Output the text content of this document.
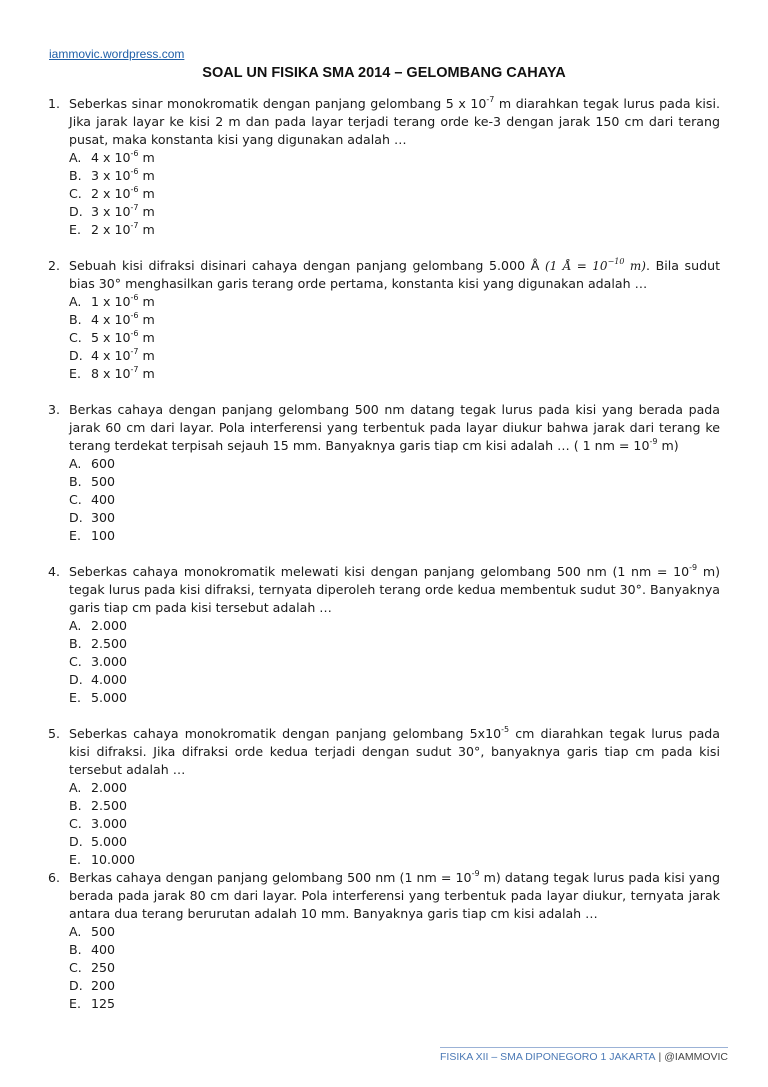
iammovic.wordpress.com
SOAL UN FISIKA SMA 2014 – GELOMBANG CAHAYA
1. Seberkas sinar monokromatik dengan panjang gelombang 5 x $10^{-7}$ m diarahkan tegak lurus pada kisi. Jika jarak layar ke kisi 2 m dan pada layar terjadi terang orde ke-3 dengan jarak 150 cm dari terang pusat, maka konstanta kisi yang digunakan adalah …
A. 4 x $10^{-6}$ m
B. 3 x $10^{-6}$ m
C. 2 x $10^{-6}$ m
D. 3 x $10^{-7}$ m
E. 2 x $10^{-7}$ m
2. Sebuah kisi difraksi disinari cahaya dengan panjang gelombang 5.000 Å (1 Å = $10^{-10}$ m). Bila sudut bias 30° menghasilkan garis terang orde pertama, konstanta kisi yang digunakan adalah …
A. 1 x $10^{-6}$ m
B. 4 x $10^{-6}$ m
C. 5 x $10^{-6}$ m
D. 4 x $10^{-7}$ m
E. 8 x $10^{-7}$ m
3. Berkas cahaya dengan panjang gelombang 500 nm datang tegak lurus pada kisi yang berada pada jarak 60 cm dari layar. Pola interferensi yang terbentuk pada layar diukur bahwa jarak dari terang ke terang terdekat terpisah sejauh 15 mm. Banyaknya garis tiap cm kisi adalah … ( 1 nm = $10^{-9}$ m)
A. 600
B. 500
C. 400
D. 300
E. 100
4. Seberkas cahaya monokromatik melewati kisi dengan panjang gelombang 500 nm (1 nm = $10^{-9}$ m) tegak lurus pada kisi difraksi, ternyata diperoleh terang orde kedua membentuk sudut 30°. Banyaknya garis tiap cm pada kisi tersebut adalah …
A. 2.000
B. 2.500
C. 3.000
D. 4.000
E. 5.000
5. Seberkas cahaya monokromatik dengan panjang gelombang $5x10^{-5}$ cm diarahkan tegak lurus pada kisi difraksi. Jika difraksi orde kedua terjadi dengan sudut 30°, banyaknya garis tiap cm pada kisi tersebut adalah …
A. 2.000
B. 2.500
C. 3.000
D. 5.000
E. 10.000
6. Berkas cahaya dengan panjang gelombang 500 nm (1 nm = $10^{-9}$ m) datang tegak lurus pada kisi yang berada pada jarak 80 cm dari layar. Pola interferensi yang terbentuk pada layar diukur, ternyata jarak antara dua terang berurutan adalah 10 mm. Banyaknya garis tiap cm kisi adalah …
A. 500
B. 400
C. 250
D. 200
E. 125
FISIKA XII – SMA DIPONEGORO 1 JAKARTA | @IAMMOVIC
